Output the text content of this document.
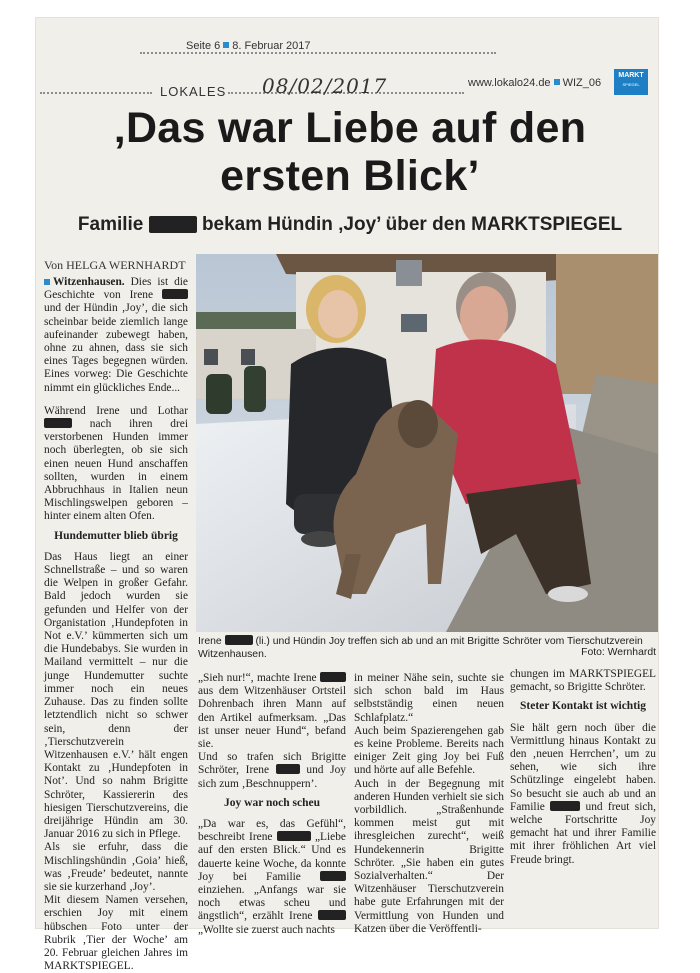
Seite 6 8. Februar 2017
LOKALES 08/02/2017	www.lokalo24.de WIZ_06
MARKT
SPIEGEL
‚Das war Liebe auf den
ersten Blick’
Familie	bekam Hündin ‚Joy’ über den MARKTSPIEGEL
Von HELGA WERNHARDT

Witzenhausen. Dies ist die Geschichte von Irene  und der Hündin ‚Joy’, die sich scheinbar beide ziemlich lange aufeinander zubewegt haben, ohne zu ahnen, dass sie sich eines Tages begegnen würden. Eines vorweg: Die Geschichte nimmt ein glückliches Ende...

Während Irene und Lothar  nach ihren drei verstorbenen Hunden immer noch überlegten, ob sie sich einen neuen Hund anschaffen sollten, wurden in einem Abbruchhaus in Italien neun Mischlingswelpen geboren – hinter einem alten Ofen.

Hundemutter blieb übrig

Das Haus liegt an einer Schnellstraße – und so waren die Welpen in großer Gefahr. Bald jedoch wurden sie gefunden und Helfer von der Organistation ‚Hundepfoten in Not e.V.’ kümmerten sich um die Hundebabys. Sie wurden in Mailand vermittelt – nur die junge Hundemutter suchte immer noch ein neues Zuhause. Das zu finden sollte letztendlich nicht so schwer sein, denn der ‚Tierschutzverein Witzenhausen e.V.’ hält engen Kontakt zu ‚Hundepfoten in Not’. Und so nahm Brigitte Schröter, Kassiererin des hiesigen Tierschutzvereins, die dreijährige Hündin am 30. Januar 2016 zu sich in Pflege.

Als sie erfuhr, dass die Mischlingshündin ‚Goia’ hieß, was ‚Freude’ bedeutet, nannte sie sie kurzerhand ‚Joy’.

Mit diesem Namen versehen, erschien Joy mit einem hübschen Foto unter der Rubrik ‚Tier der Woche’ am 20. Februar gleichen Jahres im MARKTSPIEGEL.

Irene	(li.) und Hündin Joy treffen sich ab und an mit Brigitte Schröter vom Tierschutzverein Witzenhausen.	Foto: Wernhardt

„Sieh nur!“, machte Irene  aus dem Witzenhäuser Ortsteil Dohrenbach ihren Mann auf den Artikel aufmerksam. „Das ist unser neuer Hund“, befand sie.

Und so trafen sich Brigitte Schröter, Irene	und Joy sich zum ‚Beschnuppern’.

Joy war noch scheu

„Da war es, das Gefühl“, beschreibt Irene	„Liebe auf den ersten Blick.“ Und es dauerte keine Woche, da konnte Joy bei Familie  einziehen. „Anfangs war sie noch etwas scheu und ängstlich“, erzählt Irene  „Wollte sie zuerst auch nachts

in meiner Nähe sein, suchte sie sich schon bald im Haus selbstständig einen neuen Schlafplatz.“

Auch beim Spazierengehen gab es keine Probleme. Bereits nach einiger Zeit ging Joy bei Fuß und hörte auf alle Befehle.

Auch in der Begegnung mit anderen Hunden verhielt sie sich vorbildlich. „Straßenhunde kommen meist gut mit ihresgleichen zurecht“, weiß Hundekennerin Brigitte Schröter. „Sie haben ein gutes Sozialverhalten.“ Der Witzenhäuser Tierschutzverein habe gute Erfahrungen mit der Vermittlung von Hunden und Katzen über die Veröffentli-

chungen im MARKTSPIEGEL gemacht, so Brigitte Schröter.

Steter Kontakt ist wichtig

Sie hält gern noch über die Vermittlung hinaus Kontakt zu den ‚neuen Herrchen’, um zu sehen, wie sich ihre Schützlinge eingelebt haben. So besucht sie auch ab und an Familie	und freut sich, welche Fortschritte Joy gemacht hat und ihrer Familie mit ihrer fröhlichen Art viel Freude bringt.
